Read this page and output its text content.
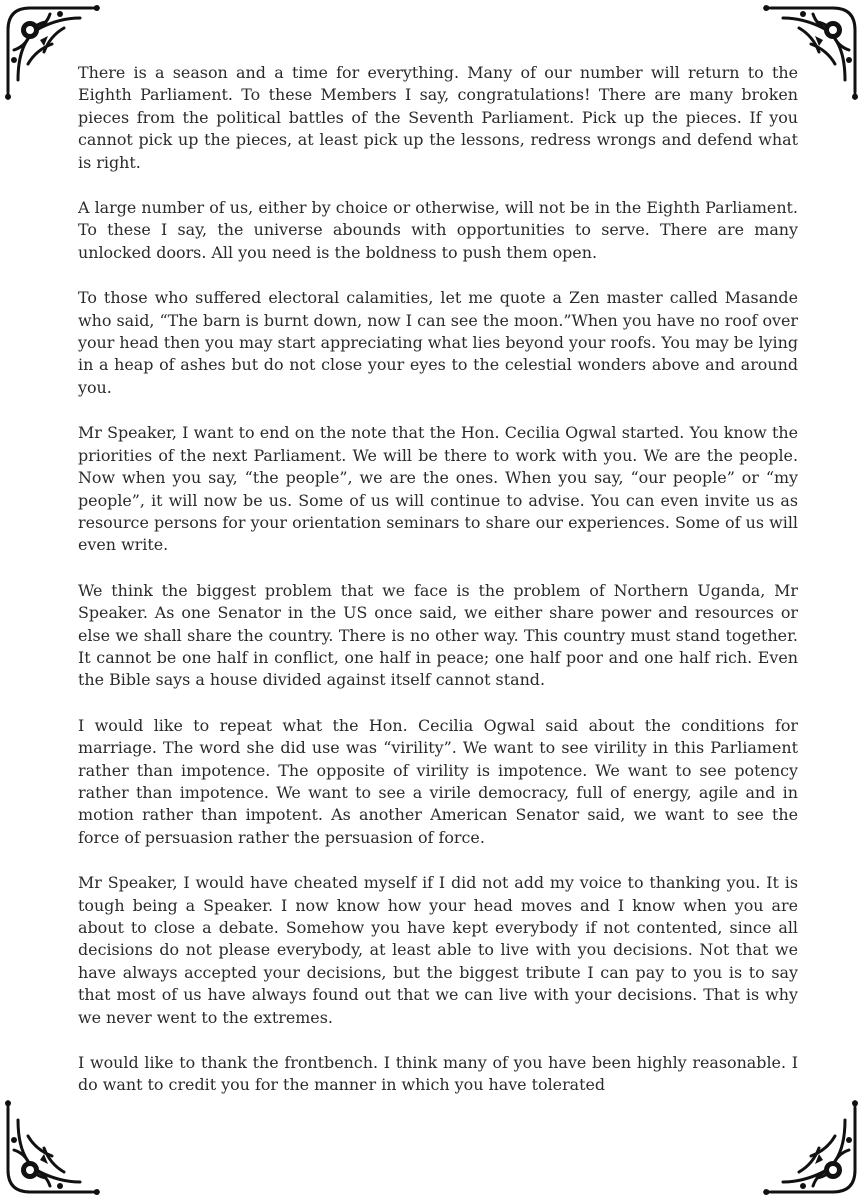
There is a season and a time for everything. Many of our number will return to the Eighth Parliament. To these Members I say, congratulations! There are many broken pieces from the political battles of the Seventh Parliament. Pick up the pieces. If you cannot pick up the pieces, at least pick up the lessons, redress wrongs and defend what is right.

A large number of us, either by choice or otherwise, will not be in the Eighth Parliament. To these I say, the universe abounds with opportunities to serve. There are many unlocked doors. All you need is the boldness to push them open.

To those who suffered electoral calamities, let me quote a Zen master called Masande who said, “The barn is burnt down, now I can see the moon.”When you have no roof over your head then you may start appreciating what lies beyond your roofs. You may be lying in a heap of ashes but do not close your eyes to the celestial wonders above and around you.

Mr Speaker, I want to end on the note that the Hon. Cecilia Ogwal started. You know the priorities of the next Parliament. We will be there to work with you. We are the people. Now when you say, “the people”, we are the ones. When you say, “our people” or “my people”, it will now be us. Some of us will continue to advise. You can even invite us as resource persons for your orientation seminars to share our experiences. Some of us will even write.

We think the biggest problem that we face is the problem of Northern Uganda, Mr Speaker. As one Senator in the US once said, we either share power and resources or else we shall share the country. There is no other way. This country must stand together. It cannot be one half in conflict, one half in peace; one half poor and one half rich. Even the Bible says a house divided against itself cannot stand.

I would like to repeat what the Hon. Cecilia Ogwal said about the conditions for marriage. The word she did use was “virility”. We want to see virility in this Parliament rather than impotence. The opposite of virility is impotence. We want to see potency rather than impotence. We want to see a virile democracy, full of energy, agile and in motion rather than impotent. As another American Senator said, we want to see the force of persuasion rather the persuasion of force.

Mr Speaker, I would have cheated myself if I did not add my voice to thanking you. It is tough being a Speaker. I now know how your head moves and I know when you are about to close a debate. Somehow you have kept everybody if not contented, since all decisions do not please everybody, at least able to live with you decisions. Not that we have always accepted your decisions, but the biggest tribute I can pay to you is to say that most of us have always found out that we can live with your decisions. That is why we never went to the extremes.

I would like to thank the frontbench. I think many of you have been highly reasonable. I do want to credit you for the manner in which you have tolerated
